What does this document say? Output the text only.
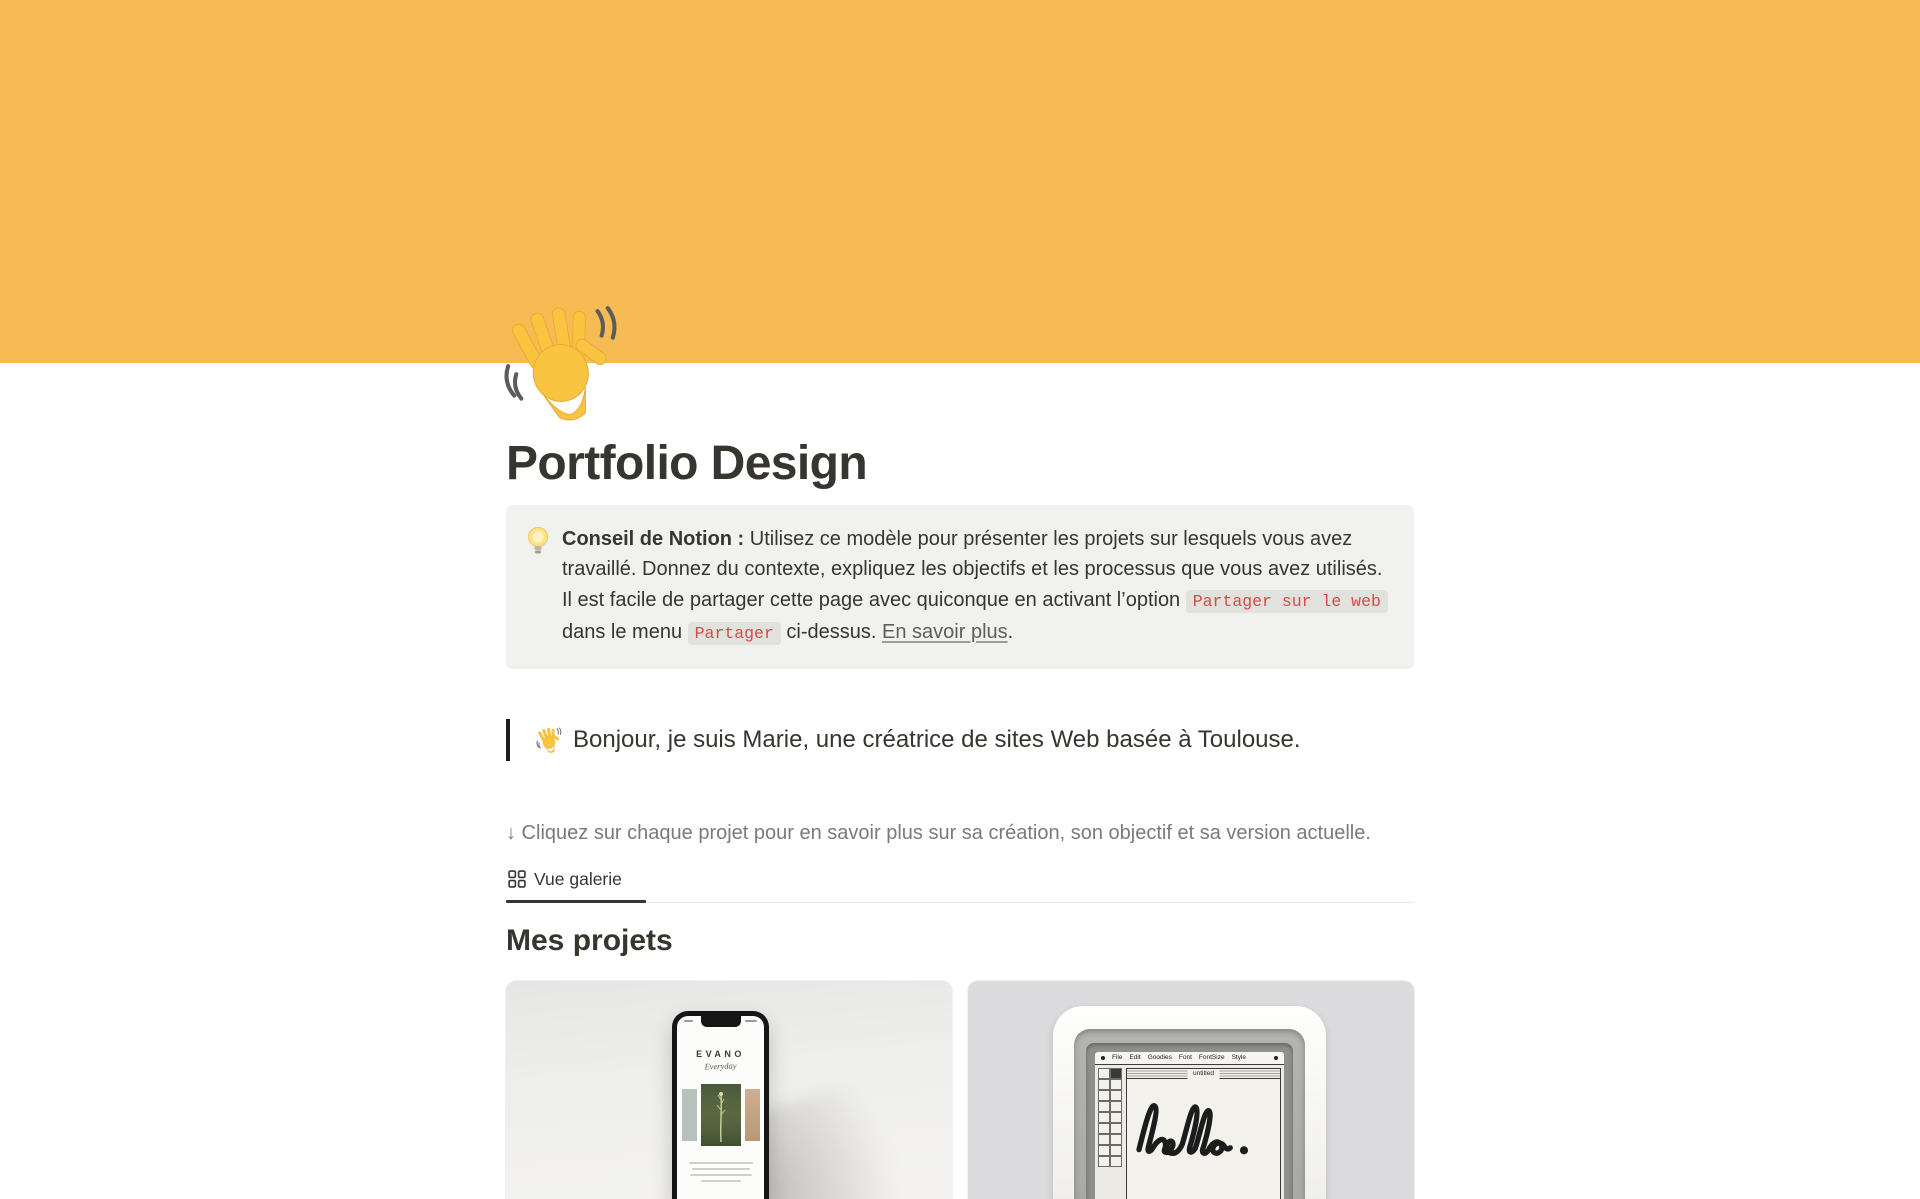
Portfolio Design
Conseil de Notion : Utilisez ce modèle pour présenter les projets sur lesquels vous avez travaillé. Donnez du contexte, expliquez les objectifs et les processus que vous avez utilisés. Il est facile de partager cette page avec quiconque en activant l’option Partager sur le web dans le menu Partager ci-dessus. En savoir plus.
Bonjour, je suis Marie, une créatrice de sites Web basée à Toulouse.

↓ Cliquez sur chaque projet pour en savoir plus sur sa création, son objectif et sa version actuelle.

Vue galerie
Mes projets
EVANO
Everyday
File Edit Goodies Font FontSize Style
untitled
